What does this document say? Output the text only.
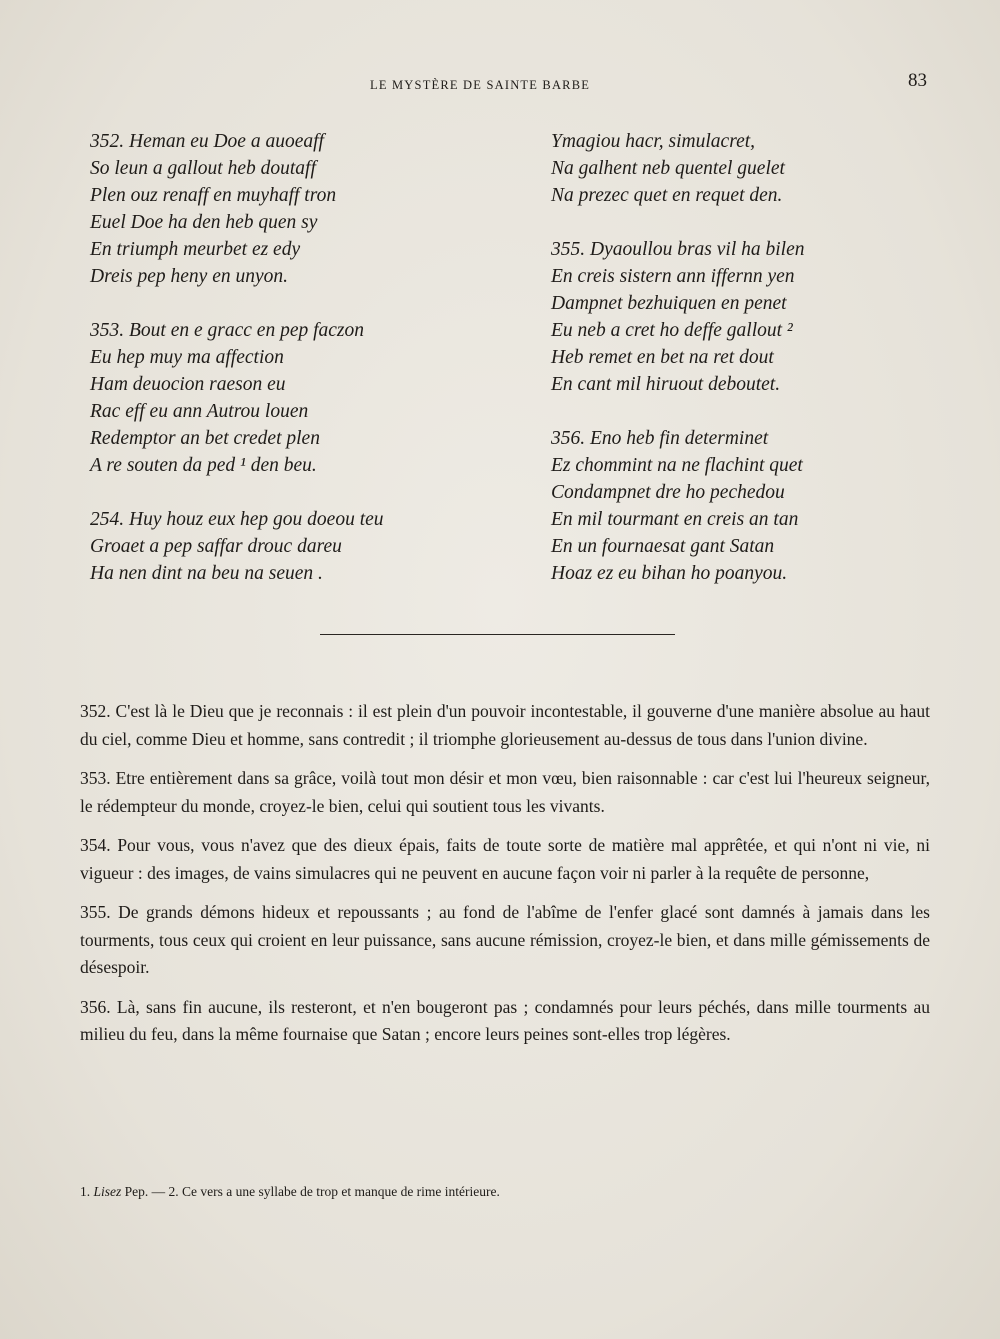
LE MYSTÈRE DE SAINTE BARBE	83
352. Heman eu Doe a auoeaff
So leun a gallout heb doutaff
Plen ouz renaff en muyhaff tron
Euel Doe ha den heb quen sy
En triumph meurbet ez edy
Dreis pep heny en unyon.
353. Bout en e gracc en pep faczon
Eu hep muy ma affection
Ham deuocion raeson eu
Rac eff eu ann Autrou louen
Redemptor an bet credet plen
A re souten da ped ¹ den beu.
254. Huy houz eux hep gou doeou teu
Groaet a pep saffar drouc dareu
Ha nen dint na beu na seuen .
Ymagiou hacr, simulacret,
Na galhent neb quentel guelet
Na prezec quet en requet den.
355. Dyaoullou bras vil ha bilen
En creis sistern ann iffernn yen
Dampnet bezhuiquen en penet
Eu neb a cret ho deffe gallout ²
Heb remet en bet na ret dout
En cant mil hiruout deboutet.
356. Eno heb fin determinet
Ez chommint na ne flachint quet
Condampnet dre ho pechedou
En mil tourmant en creis an tan
En un fournaesat gant Satan
Hoaz ez eu bihan ho poanyou.

352. C'est là le Dieu que je reconnais : il est plein d'un pouvoir incontestable, il gouverne d'une manière absolue au haut du ciel, comme Dieu et homme, sans contredit ; il triomphe glorieusement au-dessus de tous dans l'union divine.

353. Etre entièrement dans sa grâce, voilà tout mon désir et mon vœu, bien raisonnable : car c'est lui l'heureux seigneur, le rédempteur du monde, croyez-le bien, celui qui soutient tous les vivants.

354. Pour vous, vous n'avez que des dieux épais, faits de toute sorte de matière mal apprêtée, et qui n'ont ni vie, ni vigueur : des images, de vains simulacres qui ne peuvent en aucune façon voir ni parler à la requête de personne,

355. De grands démons hideux et repoussants ; au fond de l'abîme de l'enfer glacé sont damnés à jamais dans les tourments, tous ceux qui croient en leur puissance, sans aucune rémission, croyez-le bien, et dans mille gémissements de désespoir.

356. Là, sans fin aucune, ils resteront, et n'en bougeront pas ; condamnés pour leurs péchés, dans mille tourments au milieu du feu, dans la même fournaise que Satan ; encore leurs peines sont-elles trop légères.

1. Lisez Pep. — 2. Ce vers a une syllabe de trop et manque de rime intérieure.
